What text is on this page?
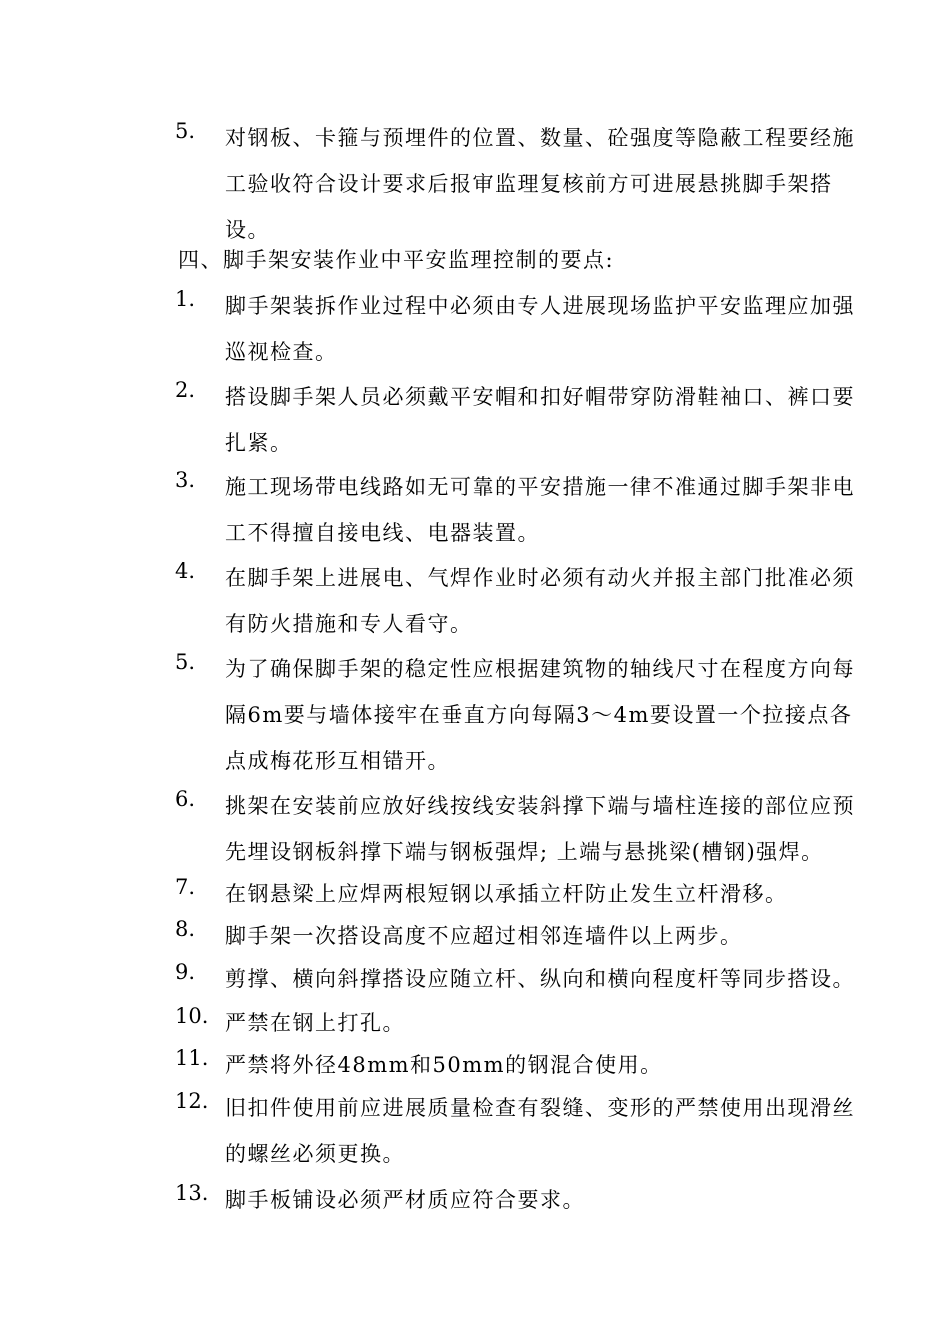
5.	对钢板、卡箍与预埋件的位置、数量、砼强度等隐蔽工程要经施工验收符合设计要求后报审监理复核前方可进展悬挑脚手架搭设。
四、脚手架安装作业中平安监理控制的要点:
1.	脚手架装拆作业过程中必须由专人进展现场监护平安监理应加强巡视检查。
2.	搭设脚手架人员必须戴平安帽和扣好帽带穿防滑鞋袖口、裤口要扎紧。
3.	施工现场带电线路如无可靠的平安措施一律不准通过脚手架非电工不得擅自接电线、电器装置。
4.	在脚手架上进展电、气焊作业时必须有动火并报主部门批准必须有防火措施和专人看守。
5.	为了确保脚手架的稳定性应根据建筑物的轴线尺寸在程度方向每隔6m要与墙体接牢在垂直方向每隔3～4m要设置一个拉接点各点成梅花形互相错开。
6.	挑架在安装前应放好线按线安装斜撑下端与墙柱连接的部位应预先埋设钢板斜撑下端与钢板强焊; 上端与悬挑梁(槽钢)强焊。
7.	在钢悬梁上应焊两根短钢以承插立杆防止发生立杆滑移。
8.	脚手架一次搭设高度不应超过相邻连墙件以上两步。
9.	剪撑、横向斜撑搭设应随立杆、纵向和横向程度杆等同步搭设。
10. 严禁在钢上打孔。
11. 严禁将外径48mm和50mm的钢混合使用。
12. 旧扣件使用前应进展质量检查有裂缝、变形的严禁使用出现滑丝的螺丝必须更换。
13. 脚手板铺设必须严材质应符合要求。
